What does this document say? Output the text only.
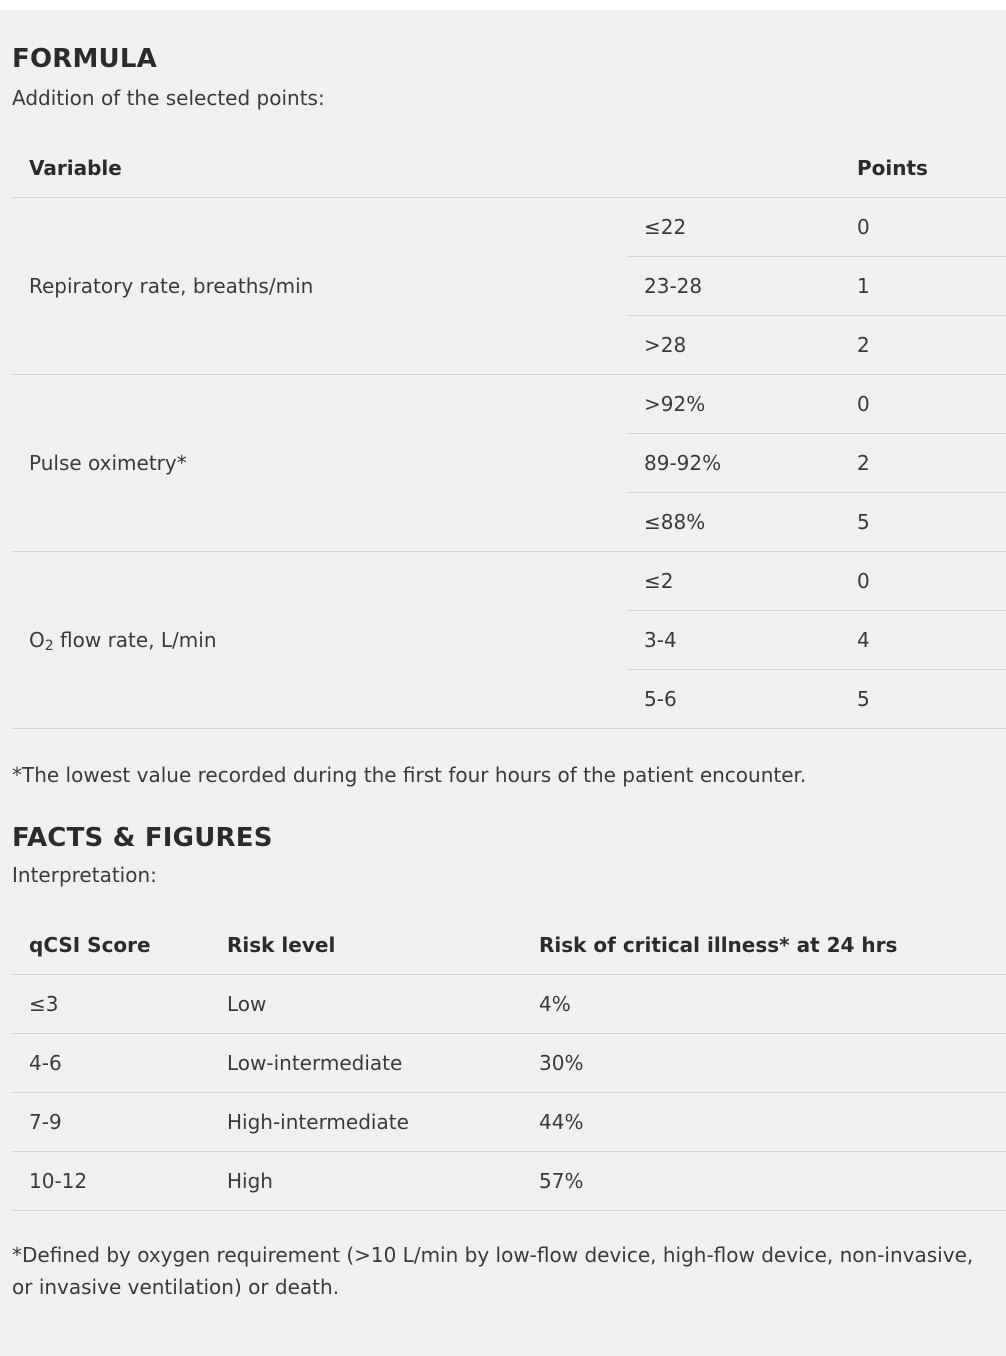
FORMULA
Addition of the selected points:
Variable		Points
Repiratory rate, breaths/min	≤22	0
	23-28	1
	>28	2
Pulse oximetry*	>92%	0
	89-92%	2
	≤88%	5
$O_2$ flow rate, L/min	≤2	0
	3-4	4
	5-6	5
*The lowest value recorded during the first four hours of the patient encounter.
FACTS & FIGURES
Interpretation:
qCSI Score	Risk level	Risk of critical illness* at 24 hrs
≤3	Low	4%
4-6	Low-intermediate	30%
7-9	High-intermediate	44%
10-12	High	57%
*Defined by oxygen requirement (>10 L/min by low-flow device, high-flow device, non-invasive, or invasive ventilation) or death.
